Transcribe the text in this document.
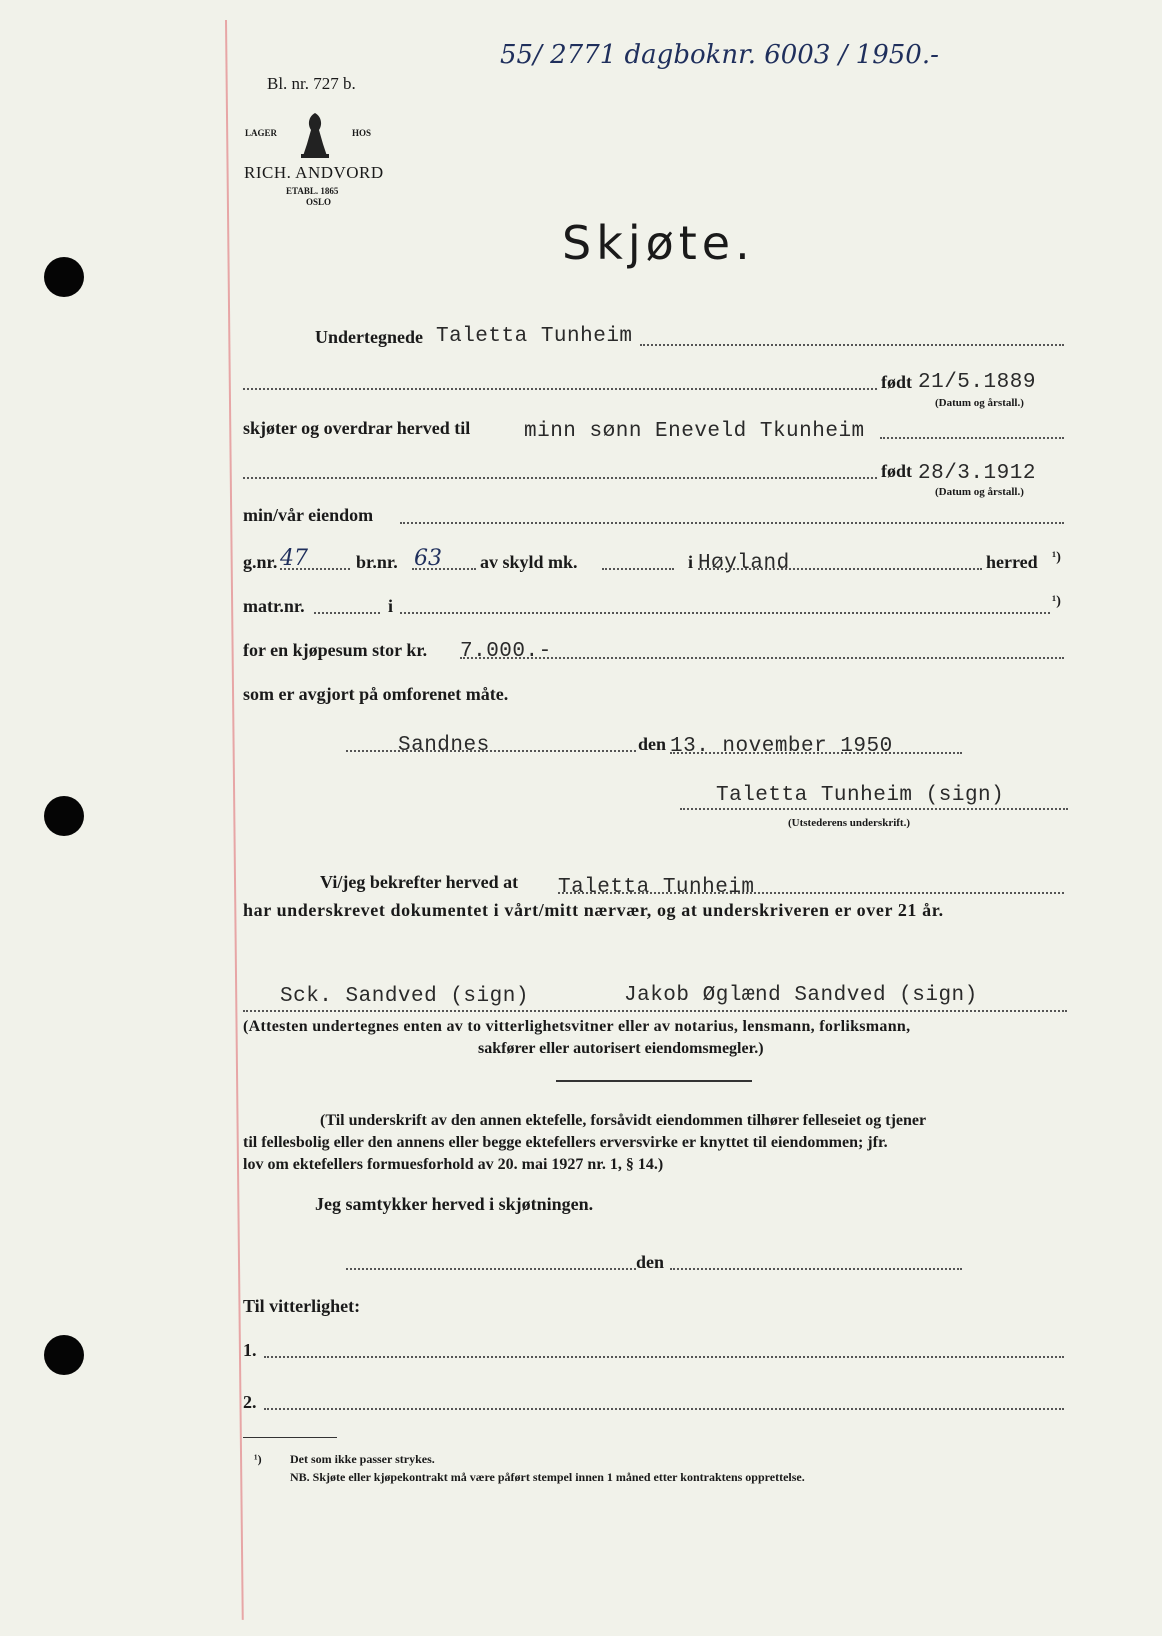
Bl. nr. 727 b.
55/ 2771 dagboknr. 6003 / 1950.-
LAGER	HOS
RICH. ANDVORD
ETABL. 1865
OSLO
Skjøte.
Undertegnede Taletta Tunheim
født 21/5.1889
(Datum og årstall.)
skjøter og overdrar herved til	minn sønn Eneveld Tkunheim
født 28/3.1912
(Datum og årstall.)
min/vår eiendom
g.nr. 47	br.nr. 63 av skyld mk.	i Høyland	herred ¹)
matr.nr.	i	¹)
for en kjøpesum stor kr. 7.000.-
som er avgjort på omforenet måte.
Sandnes	den 13. november 1950
Taletta Tunheim (sign)
(Utstederens underskrift.)
Vi/jeg bekrefter herved at Taletta Tunheim
har underskrevet dokumentet i vårt/mitt nærvær, og at underskriveren er over 21 år.
Sck. Sandved (sign)	Jakob Øglænd Sandved (sign)
(Attesten undertegnes enten av to vitterlighetsvitner eller av notarius, lensmann, forliksmann,
sakfører eller autorisert eiendomsmegler.)
(Til underskrift av den annen ektefelle, forsåvidt eiendommen tilhører felleseiet og tjener
til fellesbolig eller den annens eller begge ektefellers erversvirke er knyttet til eiendommen; jfr.
lov om ektefellers formuesforhold av 20. mai 1927 nr. 1, § 14.)
Jeg samtykker herved i skjøtningen.
den
Til vitterlighet:
1.
2.
¹) Det som ikke passer strykes.
NB. Skjøte eller kjøpekontrakt må være påført stempel innen 1 måned etter kontraktens opprettelse.
